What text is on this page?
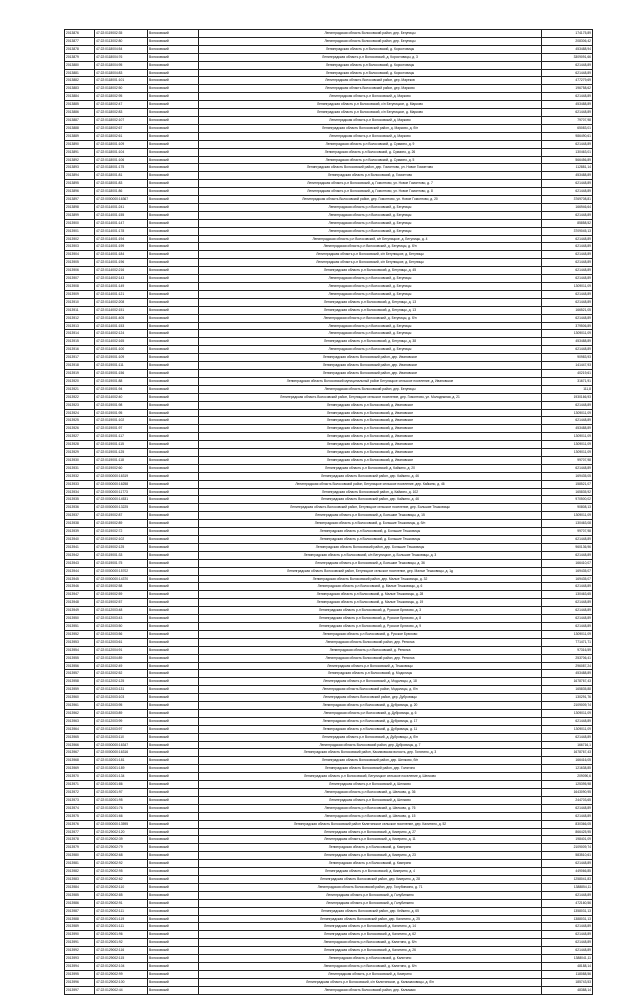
2013876	47:22:0119002:35	Волосовский	Ленинградская область Волосовский район, дер. Бегуницы	174175,89
2013877	47:22:0113002:80	Волосовский	Ленинградская область Волосовский район, дер. Бегуницы	208306,42
2013878	47:22:0118004:54	Волосовский	Ленинградская область р-н Волосовский, д. Коростовицы	453488,94
2013879	47:22:0118004:76	Волосовский	Ленинградская область р-н Волосовский, д. Коростовицы, д. 3	3309091,66
2013880	47:22:0118004:95	Волосовский	Ленинградская область р-н Волосовский, д. Коростовицы	621448,89
2013881	47:22:0118004:83	Волосовский	Ленинградская область р-н Волосовский, д. Коростовицы	621448,89
2013882	47:22:0118001:101	Волосовский	Ленинградская область Волосовский район, дер. Мареков	477279,69
2013883	47:22:0118002:50	Волосовский	Ленинградская область Волосовский район, дер. Марково	196758,62
2013884	47:22:0118002:95	Волосовский	Ленинградская область р-н Волосовский, д. Марково	621448,89
2013885	47:22:0118002:47	Волосовский	Ленинградская область р-н Волосовский, с/п Бегуницкое, д. Марково	453488,89
2013886	47:22:0118002:83	Волосовский	Ленинградская область р-н Волосовский, с/п Бегуницкое, д. Марково	621448,89
2013887	47:22:0118002:107	Волосовский	Ленинградская область р-н Волосовский, д. Марково	79707,98
2013888	47:22:0118002:67	Волосовский	Ленинградская область Волосовский район, д. Марково, д. б/н	65083,01
2013889	47:22:0118002:61	Волосовский	Ленинградская область р-н Волосовский, д. Марково	986490,61
2013890	47:22:0118001:109	Волосовский	Ленинградская область р-н Волосовский, д. Сумкино, д. 9	621448,89
2013891	47:22:0118001:104	Волосовский	Ленинградская область р-н Волосовский, д. Сумкино, д. 26	130463,01
2013892	47:22:0118001:106	Волосовский	Ленинградская область р-н Волосовский, д. Сумкино, д. 5	566456,89
2013893	47:22:0118001:175	Волосовский	Ленинградская область Волосовский район, дер. Гомонтово, ул. Новое Гомонтово	112881,14
2013894	47:22:0118001:81	Волосовский	Ленинградская область р-н Волосовский, д. Гомонтово	453488,89
2013895	47:22:0118001:83	Волосовский	Ленинградская область р-н Волосовский, д. Гомонтово, ул. Новое Гомонтово, д. 7	621448,89
2013896	47:22:0118001:86	Волосовский	Ленинградская область р-н Волосовский, д. Гомонтово, ул. Новое Гомонтово, д. 8	621448,89
2013897	47:22:0000000:16367	Волосовский	Ленинградская область Волосовский район, дер. Гомонтово, ул. Новое Гомонтово, д. 20	3769708,81
2013898	47:22:0114001:241	Волосовский	Ленинградская область р-н Волосовский, д. Бегуницы	166946,64
2013899	47:22:0114001:155	Волосовский	Ленинградская область р-н Волосовский, д. Бегуницы	621448,89
2013900	47:22:0114001:147	Волосовский	Ленинградская область р-н Волосовский, д. Бегуницы	85858,52
2013901	47:22:0114001:178	Волосовский	Ленинградская область р-н Волосовский, д. Бегуницы	3709045,13
2013902	47:22:0114001:194	Волосовский	Ленинградская область р-н Волосовский, с/п Бегуницкое, д. Бегуницы, д. 4	621448,89
2013903	47:22:0114001:199	Волосовский	Ленинградская область р-н Волосовский, д. Бегуницы, д. б/н	621448,89
2013904	47:22:0114001:184	Волосовский	Ленинградская область р-н Волосовский, с/п Бегуницкое, д. Бегуницы	621448,89
2013905	47:22:0114001:196	Волосовский	Ленинградская область р-н Волосовский, с/п Бегуницкое, д. Бегуницы	621448,89
2013906	47:22:0114002:216	Волосовский	Ленинградская область р-н Волосовский, д. Бегуницы, д. 45	621448,89
2013907	47:22:0114002:143	Волосовский	Ленинградская область р-н Волосовский, д. Бегуницы	621448,89
2013908	47:22:0114001:149	Волосовский	Ленинградская область р-н Волосовский, д. Бегуницы	1309011,09
2013909	47:22:0114001:121	Волосовский	Ленинградская область р-н Волосовский, д. Бегуницы	621448,89
2013910	47:22:0114002:208	Волосовский	Ленинградская область р-н Волосовский, д. Бегуницы, д. 13	621448,89
2013911	47:22:0114002:151	Волосовский	Ленинградская область р-н Волосовский, д. Бегуницы, д. 13	166521,05
2013912	47:22:0114001:405	Волосовский	Ленинградская область р-н Волосовский, д. Бегуницы, д. б/н	621448,89
2013913	47:22:0114001:153	Волосовский	Ленинградская область р-н Волосовский, д. Бегуницы	379506,89
2013914	47:22:0114002:124	Волосовский	Ленинградская область р-н Волосовский, д. Бегуницы	1309011,09
2013915	47:22:0114002:165	Волосовский	Ленинградская область р-н Волосовский, д. Бегуницы, д. 38	453488,89
2013916	47:22:0114001:100	Волосовский	Ленинградская область р-н Волосовский, д. Бегуницы	621448,89
2013917	47:22:0119001:109	Волосовский	Ленинградская область Волосовский район, дер. Ивановское	90983,93
2013918	47:22:0119001:111	Волосовский	Ленинградская область Волосовский район, дер. Ивановское	141447,93
2013919	47:22:0119001:156	Волосовский	Ленинградская область Волосовский район, дер. Ивановское	40219,61
2013920	47:22:0119001:88	Волосовский	Ленинградская область Волосовский муниципальный район Бегуницкое сельское поселение, д. Ивановское	31671,91
2013921	47:22:0119001:94	Волосовский	Ленинградская область Волосовский район, дер. Бегуницы	111,8
2013922	47:22:0114002:40	Волосовский	Ленинградская область Волосовский район, Бегуницкое сельское поселение, дер. Гомонтово, ул. Молодежная, д. 21	1930166,93
2013923	47:22:0119001:98	Волосовский	Ленинградская область р-н Волосовский, д. Ивановское	621448,89
2013924	47:22:0119001:95	Волосовский	Ленинградская область р-н Волосовский, д. Ивановское	1309011,09
2013925	47:22:0119001:102	Волосовский	Ленинградская область р-н Волосовский, д. Ивановское	621448,89
2013926	47:22:0119001:97	Волосовский	Ленинградская область р-н Волосовский, д. Ивановское	453488,89
2013927	47:22:0119001:117	Волосовский	Ленинградская область р-н Волосовский, д. Ивановское	1309011,09
2013928	47:22:0119001:115	Волосовский	Ленинградская область р-н Волосовский, д. Ивановское	1309011,09
2013929	47:22:0119001:125	Волосовский	Ленинградская область р-н Волосовский, д. Ивановское	1309011,09
2013930	47:22:0119001:118	Волосовский	Ленинградская область р-н Волосовский, д. Ивановское	99707,98
2013931	47:22:0119002:60	Волосовский	Ленинградская область р-н Волосовский, д. Кайкино, д. 20	621448,89
2013932	47:22:0000000:16319	Волосовский	Ленинградская область Волосовский район, дер. Кайкино, д. 46	169435,05
2013933	47:22:0000000:16258	Волосовский	Ленинградская область Волосовский район, Бегуницкое сельское поселение, дер. Кайкино, д. 46	158521,07
2013934	47:22:0000000:11773	Волосовский	Ленинградская область Волосовский район, д. Кайкино, д. 102	165835,92
2013935	47:22:0000000:14531	Волосовский	Ленинградская область Волосовский район, дер. Кайкино, д. 46	970500,02
2013936	47:22:0000000:13225	Волосовский	Ленинградская область Волосовский район, Бегуницкое сельское поселение, дер. Большие Тешковицы	90808,13
2013937	47:22:0119002:87	Волосовский	Ленинградская область р-н Волосовский, д. Большие Тешковицы, д. 15	1309011,09
2013938	47:22:0119002:89	Волосовский	Ленинградская область р-н Волосовский, д. Большие Тешковицы, д. б/н	130463,08
2013939	47:22:0119002:72	Волосовский	Ленинградская область р-н Волосовский, д. Большие Тешковицы	99707,98
2013940	47:22:0119002:102	Волосовский	Ленинградская область р-н Волосовский, д. Большие Тешковицы	621448,89
2013941	47:22:0119002:125	Волосовский	Ленинградская область Волосовский район, дер. Большие Тешковицы	960136,96
2013942	47:22:0119001:33	Волосовский	Ленинградская область р-н Волосовский, с/п Бегуницкое, д. Большие Тешковицы, д. 3	621448,89
2013943	47:22:0119001:75	Волосовский	Ленинградская область р-н Волосовский, д. Большие Тешковицы, д. 36	166410,07
2013944	47:22:0000000:15702	Волосовский	Ленинградская область Волосовский район, Бегуницкое сельское поселение, дер. Малые Тешковицы, д. 1д	169435,07
2013945	47:22:0000000:14370	Волосовский	Ленинградская область Волосовский район, дер. Малые Тешковицы, д. 32	169435,07
2013946	47:22:0119002:58	Волосовский	Ленинградская область р-н Волосовский, д. Малые Тешковицы, д. 6	621448,89
2013947	47:22:0119002:59	Волосовский	Ленинградская область р-н Волосовский, д. Малые Тешковицы, д. 28	130463,65
2013948	47:22:0119002:57	Волосовский	Ленинградская область р-н Волосовский, д. Малые Тешковицы, д. 19	621448,89
2013949	47:22:0112003:48	Волосовский	Ленинградская область р-н Волосовский, д. Русское Брюхово, д. 3	621448,89
2013950	47:22:0112003:43	Волосовский	Ленинградская область р-н Волосовский, д. Русское Брюхово, д. 8	621448,89
2013951	47:22:0112003:50	Волосовский	Ленинградская область р-н Волосовский, д. Русское Брюхово, д. 9	621448,89
2013952	47:22:0112003:56	Волосовский	Ленинградская область р-н Волосовский, д. Русское Брюхово	1309011,09
2013953	47:22:0112003:61	Волосовский	Ленинградская область Волосовский район, дер. Реполка	771471,71
2013954	47:22:0112004:91	Волосовский	Ленинградская область р-н Волосовский, д. Реполка	97316,59
2013955	47:22:0112004:89	Волосовский	Ленинградская область Волосовский район, дер. Реполка	253706,41
2013956	47:22:0112002:49	Волосовский	Ленинградская область р-н Волосовский, д. Тешковицы	296087,24
2013957	47:22:0112002:52	Волосовский	Ленинградская область р-н Волосовский, д. Модолицы	453488,89
2013958	47:22:0112002:125	Волосовский	Ленинградская область р-н Волосовский, д. Модолицы, д. 18	1678767,43
2013959	47:22:0112003:131	Волосовский	Ленинградская область Волосовский район, Модолицы, д. б/н	165835,88
2013960	47:22:0112003:103	Волосовский	Ленинградская область Волосовский район, дер. Дубровицы	130291,76
2013961	47:22:0112003:95	Волосовский	Ленинградская область р-н Волосовский, д. Дубровицы, д. 20	2109009,74
2013962	47:22:0112003:89	Волосовский	Ленинградская область р-н Волосовский, д. Дубровицы, д. 6	1309011,09
2013963	47:22:0112003:99	Волосовский	Ленинградская область р-н Волосовский, д. Дубровицы, д. 17	621448,89
2013964	47:22:0112003:97	Волосовский	Ленинградская область р-н Волосовский, д. Дубровицы, д. 11	1309011,09
2013965	47:22:0112003:110	Волосовский	Ленинградская область р-н Волосовский, д. Дубровицы, д. б/н	621448,89
2013966	47:22:0000000:16347	Волосовский	Ленинградская область Волосовский район, дер. Дубровицы, д. 7	166716,1
2013967	47:22:0000000:16316	Волосовский	Ленинградская область Волосовский район, Касимовская волость, дер. Голятино, д. 3	1678767,43
2013968	47:22:0102001:181	Волосовский	Ленинградская область Волосовский район, дер. Шелково, б/н	166416,05
2013969	47:22:0102001:189	Волосовский	Ленинградская область Волосовский район, дер. Голятино	121638,85
2013970	47:22:0102001:134	Волосовский	Ленинградская область р-н Волосовский, Бегуницкое сельское поселение д. Шелково	209090,6
2013971	47:22:0102001:86	Волосовский	Ленинградская область р-н Волосовский, д. Шелково	125395,98
2013972	47:22:0102001:97	Волосовский	Ленинградская область р-н Волосовский, д. Шелково, д. 36	1643090,95
2013973	47:22:0102001:95	Волосовский	Ленинградская область р-н Волосовский, д. Шелково	244703,65
2013974	47:22:0102001:76	Волосовский	Ленинградская область р-н Волосовский, д. Шелково, д. 76	621448,89
2013975	47:22:0102001:66	Волосовский	Ленинградская область р-н Волосовский, д. Шелково, д. 15	621448,89
2013976	47:22:0000000:13595	Волосовский	Ленинградская область Волосовский район Калитинское сельское поселение, дер. Калитино, д. 52	830366,05
2013977	47:22:0129002:120	Волосовский	Ленинградская область р-н Волосовский, д. Кикерино, д. 27	866425,95
2013978	47:22:0129002:39	Волосовский	Ленинградская область р-н Волосовский, д. Кикерино, д. 11	198401,09
2013979	47:22:0129002:79	Волосовский	Ленинградская область р-н Волосовский, д. Кикерино	2109009,74
2013980	47:22:0129002:68	Волосовский	Ленинградская область р-н Волосовский, д. Кикерино, д. 23	583510,61
2013981	47:22:0129002:92	Волосовский	Ленинградская область р-н Волосовский, д. Кикерино	621448,89
2013982	47:22:0129002:95	Волосовский	Ленинградская область р-н Волосовский, д. Кикерино, д. 4	449066,85
2013983	47:22:0129002:62	Волосовский	Ленинградская область Волосовский район, дер. Кикерино, д. 28	1258041,83
2013984	47:22:0129002:110	Волосовский	Ленинградская область Волосовский район, дер. Голубинкино, д. 71	1388854,11
2013985	47:22:0129002:85	Волосовский	Ленинградская область р-н Волосовский, д. Голубинкино	621448,89
2013986	47:22:0129002:91	Волосовский	Ленинградская область р-н Волосовский, д. Голубинкино	472160,56
2013987	47:22:0129002:111	Волосовский	Ленинградская область Волосовский район, дер. Кейкино, д. 65	1358031,13
2013988	47:22:0129001:119	Волосовский	Ленинградская область Волосовский район, дер. Калитино, д. 25	1388031,13
2013989	47:22:0129001:111	Волосовский	Ленинградская область р-н Волосовский, д. Калитино, д. 14	621448,89
2013990	47:22:0129001:96	Волосовский	Ленинградская область р-н Волосовский, д. Калитино, д. 62	621448,89
2013991	47:22:0129001:92	Волосовский	Ленинградская область р-н Волосовский, д. Калитино, д. б/н	621448,89
2013992	47:22:0129002:116	Волосовский	Ленинградская область р-н Волосовский, д. Калитино, д. 26	621448,89
2013993	47:22:0129002:115	Волосовский	Ленинградская область р-н Волосовский, д. Калитино	1388041,11
2013994	47:22:0129002:104	Волосовский	Ленинградская область р-н Волосовский, д. Калитино, д. б/н	48188,14
2013995	47:22:0129002:99	Волосовский	Ленинградская область, р-н Волосовский, д. Кикерино	118088,56
2013996	47:22:0129002:100	Волосовский	Ленинградская область р-н Волосовский, с/п Калитинское, д. Кальмаховицы, д. б/н	185743,53
2013997	47:22:0129002:44	Волосовский	Ленинградская область Волосовский район, дер. Кальмаки	48388,14
